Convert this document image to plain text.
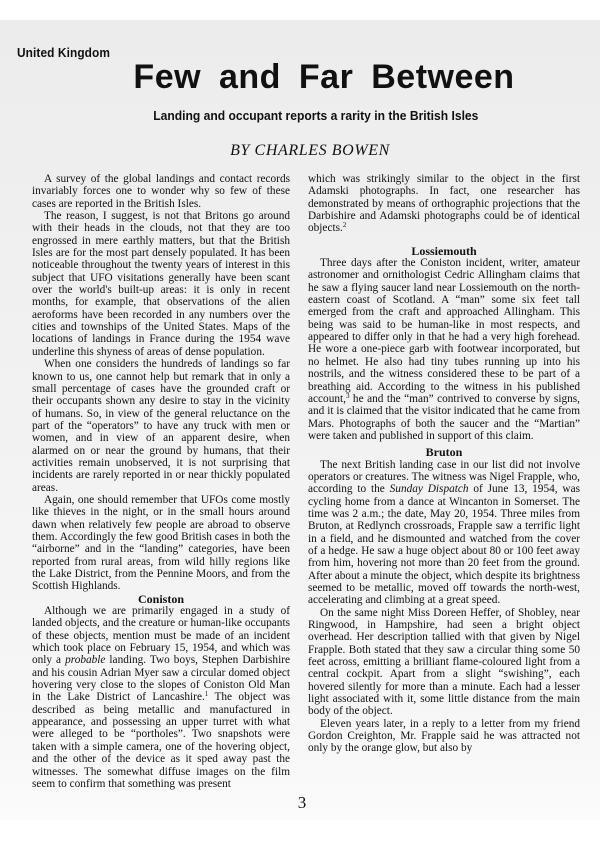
United Kingdom
Few and Far Between
Landing and occupant reports a rarity in the British Isles
BY CHARLES BOWEN

A survey of the global landings and contact records invariably forces one to wonder why so few of these cases are reported in the British Isles.

The reason, I suggest, is not that Britons go around with their heads in the clouds, not that they are too engrossed in mere earthly matters, but that the British Isles are for the most part densely populated. It has been noticeable throughout the twenty years of interest in this subject that UFO visitations generally have been scant over the world's built-up areas: it is only in recent months, for example, that observations of the alien aeroforms have been recorded in any numbers over the cities and townships of the United States. Maps of the locations of landings in France during the 1954 wave underline this shyness of areas of dense population.

When one considers the hundreds of landings so far known to us, one cannot help but remark that in only a small percentage of cases have the grounded craft or their occupants shown any desire to stay in the vicinity of humans. So, in view of the general reluctance on the part of the “operators” to have any truck with men or women, and in view of an apparent desire, when alarmed on or near the ground by humans, that their activities remain unobserved, it is not surprising that incidents are rarely reported in or near thickly populated areas.

Again, one should remember that UFOs come mostly like thieves in the night, or in the small hours around dawn when relatively few people are abroad to observe them. Accordingly the few good British cases in both the “airborne” and in the “landing” categories, have been reported from rural areas, from wild hilly regions like the Lake District, from the Pennine Moors, and from the Scottish Highlands.

Coniston

Although we are primarily engaged in a study of landed objects, and the creature or human-like occupants of these objects, mention must be made of an incident which took place on February 15, 1954, and which was only a probable landing. Two boys, Stephen Darbishire and his cousin Adrian Myer saw a circular domed object hovering very close to the slopes of Coniston Old Man in the Lake District of Lancashire.$^1$ The object was described as being metallic and manufactured in appearance, and possessing an upper turret with what were alleged to be “portholes”. Two snapshots were taken with a simple camera, one of the hovering object, and the other of the device as it sped away past the witnesses. The somewhat diffuse images on the film seem to confirm that something was present

which was strikingly similar to the object in the first Adamski photographs. In fact, one researcher has demonstrated by means of orthographic projections that the Darbishire and Adamski photographs could be of identical objects.$^2$

Lossiemouth

Three days after the Coniston incident, writer, amateur astronomer and ornithologist Cedric Allingham claims that he saw a flying saucer land near Lossiemouth on the north-eastern coast of Scotland. A “man” some six feet tall emerged from the craft and approached Allingham. This being was said to be human-like in most respects, and appeared to differ only in that he had a very high forehead. He wore a one-piece garb with footwear incorporated, but no helmet. He also had tiny tubes running up into his nostrils, and the witness considered these to be part of a breathing aid. According to the witness in his published account,$^3$ he and the “man” contrived to converse by signs, and it is claimed that the visitor indicated that he came from Mars. Photographs of both the saucer and the “Martian” were taken and published in support of this claim.

Bruton

The next British landing case in our list did not involve operators or creatures. The witness was Nigel Frapple, who, according to the Sunday Dispatch of June 13, 1954, was cycling home from a dance at Wincanton in Somerset. The time was 2 a.m.; the date, May 20, 1954. Three miles from Bruton, at Redlynch crossroads, Frapple saw a terrific light in a field, and he dismounted and watched from the cover of a hedge. He saw a huge object about 80 or 100 feet away from him, hovering not more than 20 feet from the ground. After about a minute the object, which despite its brightness seemed to be metallic, moved off towards the north-west, accelerating and climbing at a great speed.

On the same night Miss Doreen Heffer, of Shobley, near Ringwood, in Hampshire, had seen a bright object overhead. Her description tallied with that given by Nigel Frapple. Both stated that they saw a circular thing some 50 feet across, emitting a brilliant flame-coloured light from a central cockpit. Apart from a slight “swishing”, each hovered silently for more than a minute. Each had a lesser light associated with it, some little distance from the main body of the object.

Eleven years later, in a reply to a letter from my friend Gordon Creighton, Mr. Frapple said he was attracted not only by the orange glow, but also by

3
